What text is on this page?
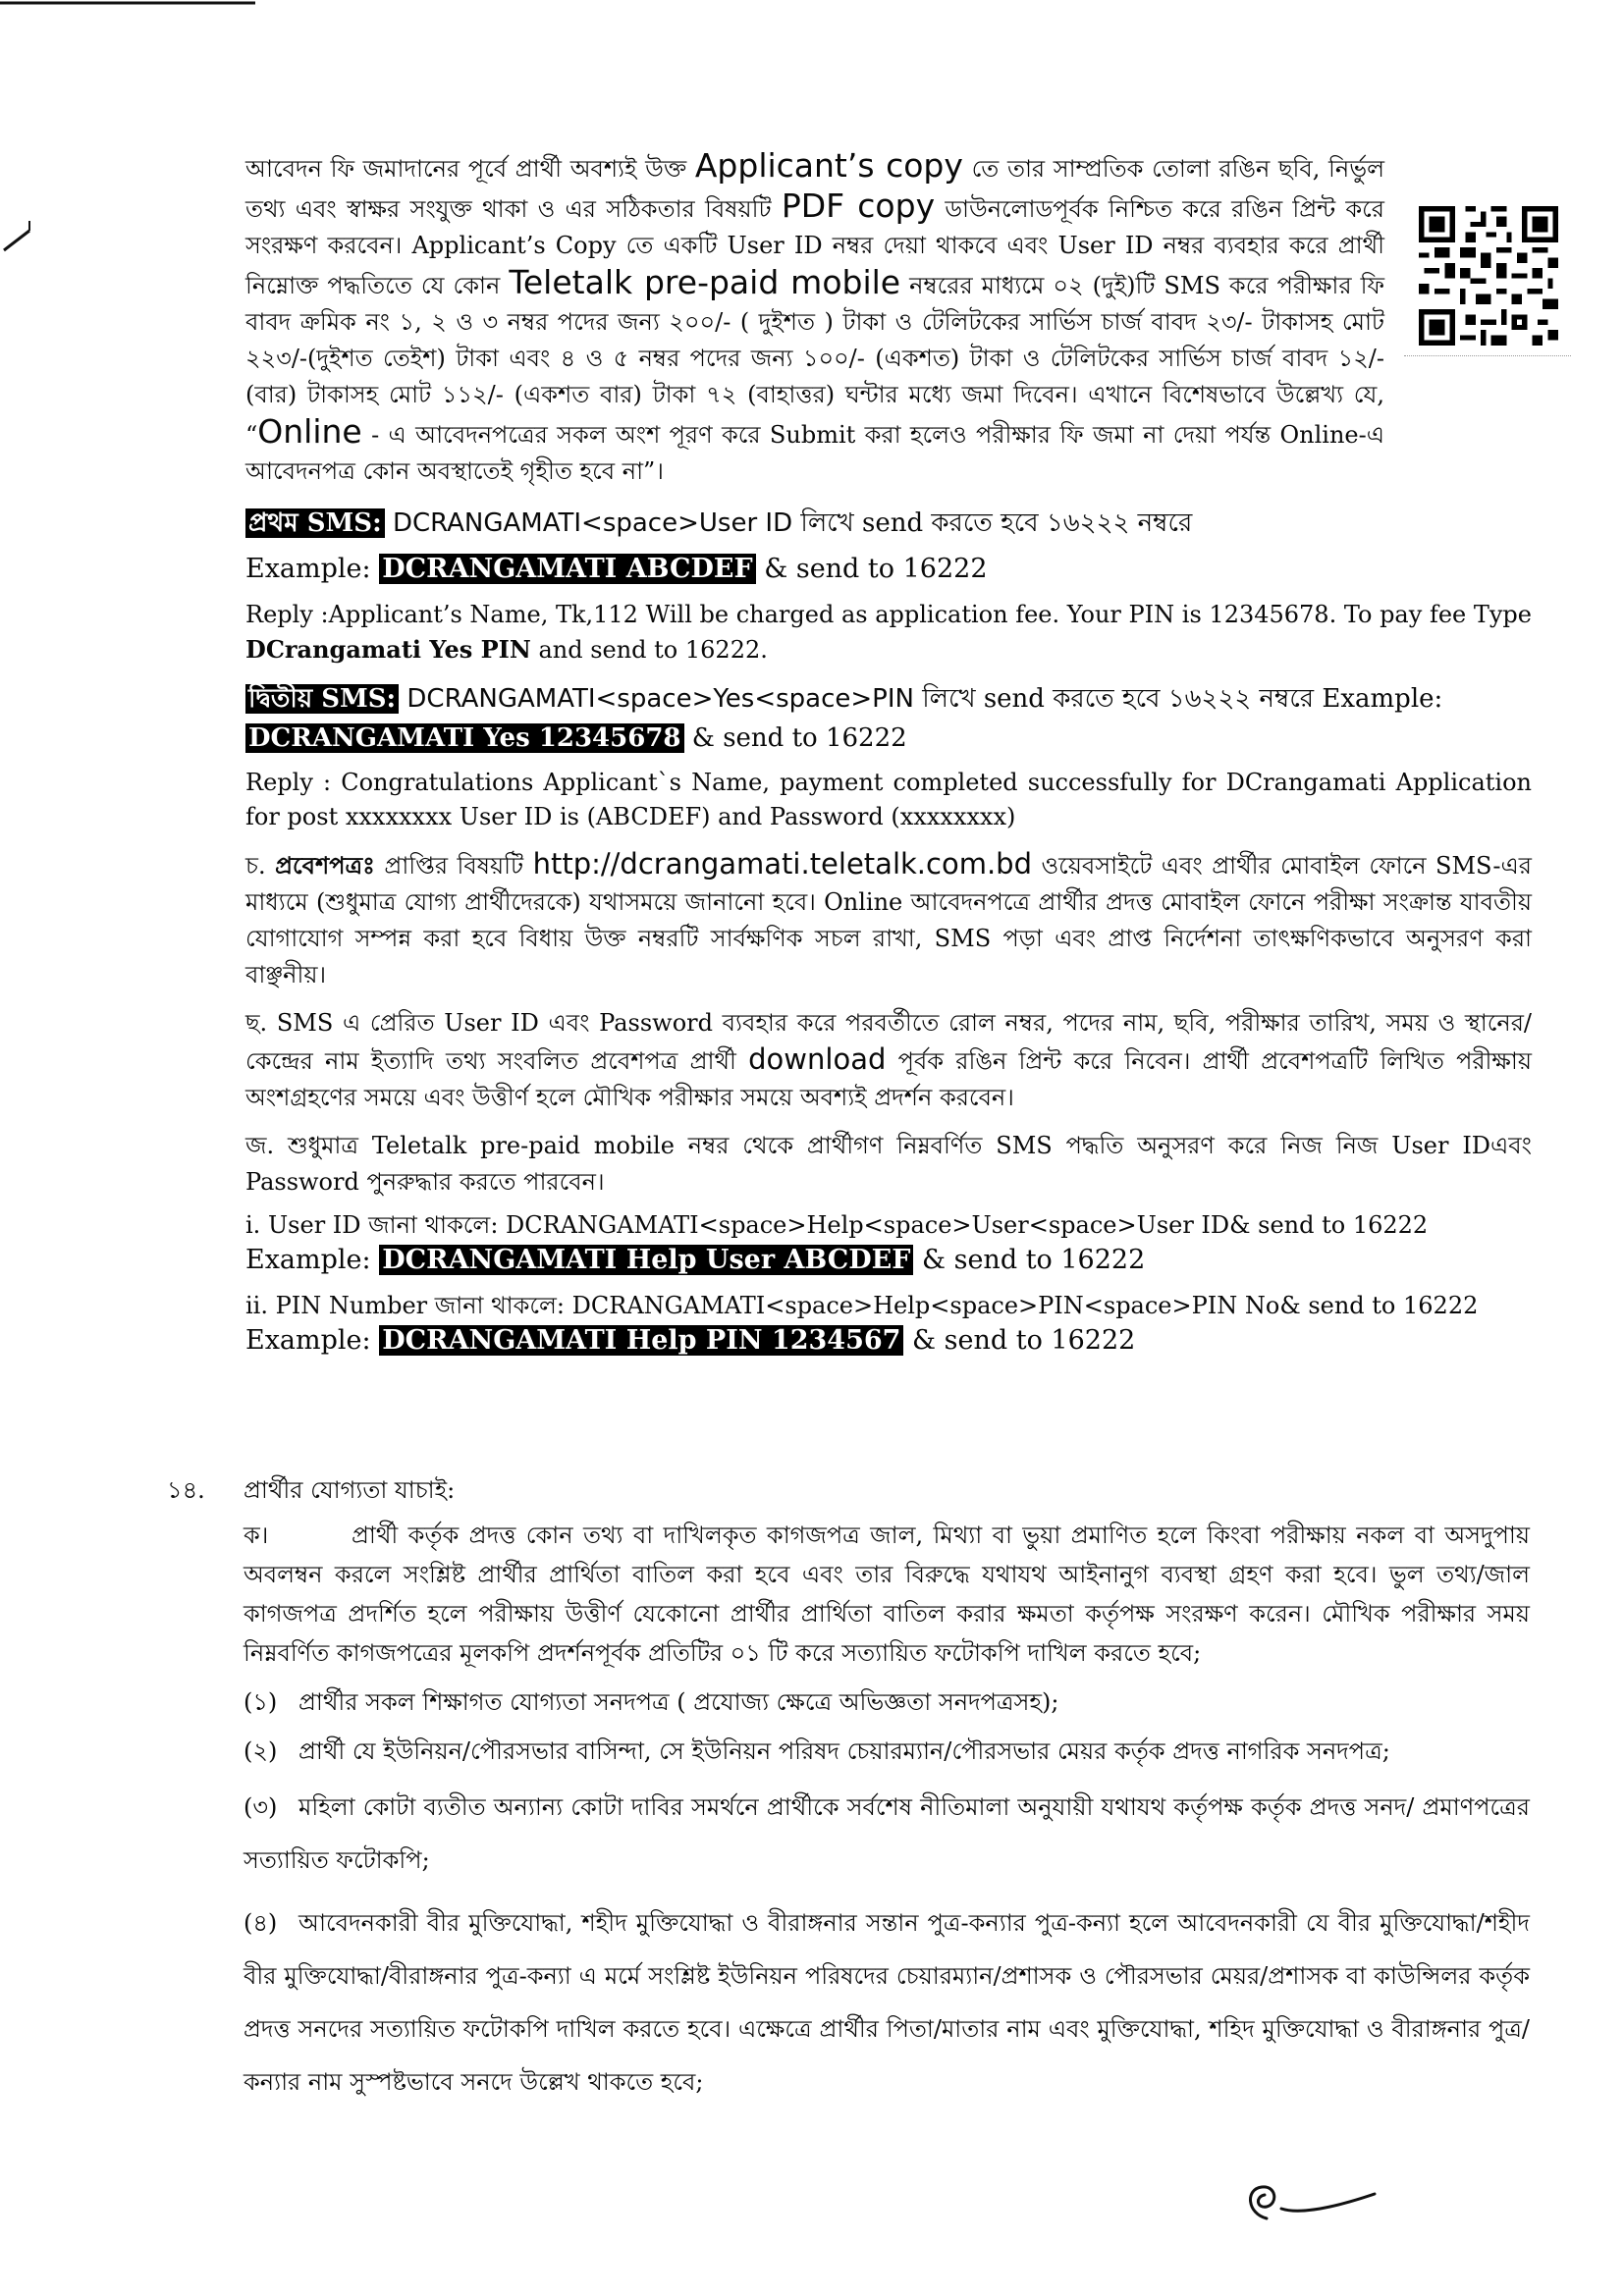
আবেদন ফি জমাদানের পূর্বে প্রার্থী অবশ্যই উক্ত Applicant’s copy তে তার সাম্প্রতিক তোলা রঙিন ছবি, নির্ভুল তথ্য এবং স্বাক্ষর সংযুক্ত থাকা ও এর সঠিকতার বিষয়টি PDF copy ডাউনলোডপূর্বক নিশ্চিত করে রঙিন প্রিন্ট করে সংরক্ষণ করবেন। Applicant’s Copy তে একটি User ID নম্বর দেয়া থাকবে এবং User ID নম্বর ব্যবহার করে প্রার্থী নিম্নোক্ত পদ্ধতিতে যে কোন Teletalk pre-paid mobile নম্বরের মাধ্যমে ০২ (দুই)টি SMS করে পরীক্ষার ফি বাবদ ক্রমিক নং ১, ২ ও ৩ নম্বর পদের জন্য ২০০/- ( দুইশত ) টাকা ও টেলিটকের সার্ভিস চার্জ বাবদ ২৩/- টাকাসহ মোট ২২৩/-(দুইশত তেইশ) টাকা এবং ৪ ও ৫ নম্বর পদের জন্য ১০০/- (একশত) টাকা ও টেলিটকের সার্ভিস চার্জ বাবদ ১২/- (বার) টাকাসহ মোট ১১২/- (একশত বার) টাকা ৭২ (বাহাত্তর) ঘন্টার মধ্যে জমা দিবেন। এখানে বিশেষভাবে উল্লেখ্য যে, “Online - এ আবেদনপত্রের সকল অংশ পূরণ করে Submit করা হলেও পরীক্ষার ফি জমা না দেয়া পর্যন্ত Online-এ আবেদনপত্র কোন অবস্থাতেই গৃহীত হবে না”।

প্রথম SMS: DCRANGAMATI<space>User ID লিখে send করতে হবে ১৬২২২ নম্বরে

Example: DCRANGAMATI ABCDEF & send to 16222

Reply :Applicant’s Name, Tk,112 Will be charged as application fee. Your PIN is 12345678. To pay fee Type DCrangamati Yes PIN and send to 16222.

দ্বিতীয় SMS: DCRANGAMATI<space>Yes<space>PIN লিখে send করতে হবে ১৬২২২ নম্বরে Example: DCRANGAMATI Yes 12345678 & send to 16222

Reply : Congratulations Applicant`s Name, payment completed successfully for DCrangamati Application for post xxxxxxxx User ID is (ABCDEF) and Password (xxxxxxxx)

চ. প্রবেশপত্রঃ প্রাপ্তির বিষয়টি http://dcrangamati.teletalk.com.bd ওয়েবসাইটে এবং প্রার্থীর মোবাইল ফোনে SMS-এর মাধ্যমে (শুধুমাত্র যোগ্য প্রার্থীদেরকে) যথাসময়ে জানানো হবে। Online আবেদনপত্রে প্রার্থীর প্রদত্ত মোবাইল ফোনে পরীক্ষা সংক্রান্ত যাবতীয় যোগাযোগ সম্পন্ন করা হবে বিধায় উক্ত নম্বরটি সার্বক্ষণিক সচল রাখা, SMS পড়া এবং প্রাপ্ত নির্দেশনা তাৎক্ষণিকভাবে অনুসরণ করা বাঞ্ছনীয়।

ছ. SMS এ প্রেরিত User ID এবং Password ব্যবহার করে পরবর্তীতে রোল নম্বর, পদের নাম, ছবি, পরীক্ষার তারিখ, সময় ও স্থানের/কেন্দ্রের নাম ইত্যাদি তথ্য সংবলিত প্রবেশপত্র প্রার্থী download পূর্বক রঙিন প্রিন্ট করে নিবেন। প্রার্থী প্রবেশপত্রটি লিখিত পরীক্ষায় অংশগ্রহণের সময়ে এবং উত্তীর্ণ হলে মৌখিক পরীক্ষার সময়ে অবশ্যই প্রদর্শন করবেন।

জ. শুধুমাত্র Teletalk pre-paid mobile নম্বর থেকে প্রার্থীগণ নিম্নবর্ণিত SMS পদ্ধতি অনুসরণ করে নিজ নিজ User IDএবং Password পুনরুদ্ধার করতে পারবেন।

i. User ID জানা থাকলে: DCRANGAMATI<space>Help<space>User<space>User ID& send to 16222

Example: DCRANGAMATI Help User ABCDEF & send to 16222

ii. PIN Number জানা থাকলে: DCRANGAMATI<space>Help<space>PIN<space>PIN No& send to 16222

Example: DCRANGAMATI Help PIN 1234567 & send to 16222

১৪. প্রার্থীর যোগ্যতা যাচাই:

ক।	প্রার্থী কর্তৃক প্রদত্ত কোন তথ্য বা দাখিলকৃত কাগজপত্র জাল, মিথ্যা বা ভুয়া প্রমাণিত হলে কিংবা পরীক্ষায় নকল বা অসদুপায় অবলম্বন করলে সংশ্লিষ্ট প্রার্থীর প্রার্থিতা বাতিল করা হবে এবং তার বিরুদ্ধে যথাযথ আইনানুগ ব্যবস্থা গ্রহণ করা হবে। ভুল তথ্য/জাল কাগজপত্র প্রদর্শিত হলে পরীক্ষায় উত্তীর্ণ যেকোনো প্রার্থীর প্রার্থিতা বাতিল করার ক্ষমতা কর্তৃপক্ষ সংরক্ষণ করেন। মৌখিক পরীক্ষার সময় নিম্নবর্ণিত কাগজপত্রের মূলকপি প্রদর্শনপূর্বক প্রতিটির ০১ টি করে সত্যায়িত ফটোকপি দাখিল করতে হবে;

(১) প্রার্থীর সকল শিক্ষাগত যোগ্যতা সনদপত্র ( প্রযোজ্য ক্ষেত্রে অভিজ্ঞতা সনদপত্রসহ);

(২) প্রার্থী যে ইউনিয়ন/পৌরসভার বাসিন্দা, সে ইউনিয়ন পরিষদ চেয়ারম্যান/পৌরসভার মেয়র কর্তৃক প্রদত্ত নাগরিক সনদপত্র;

(৩) মহিলা কোটা ব্যতীত অন্যান্য কোটা দাবির সমর্থনে প্রার্থীকে সর্বশেষ নীতিমালা অনুযায়ী যথাযথ কর্তৃপক্ষ কর্তৃক প্রদত্ত সনদ/ প্রমাণপত্রের সত্যায়িত ফটোকপি;

(৪) আবেদনকারী বীর মুক্তিযোদ্ধা, শহীদ মুক্তিযোদ্ধা ও বীরাঙ্গনার সন্তান পুত্র-কন্যার পুত্র-কন্যা হলে আবেদনকারী যে বীর মুক্তিযোদ্ধা/শহীদ বীর মুক্তিযোদ্ধা/বীরাঙ্গনার পুত্র-কন্যা এ মর্মে সংশ্লিষ্ট ইউনিয়ন পরিষদের চেয়ারম্যান/প্রশাসক ও পৌরসভার মেয়র/প্রশাসক বা কাউন্সিলর কর্তৃক প্রদত্ত সনদের সত্যায়িত ফটোকপি দাখিল করতে হবে। এক্ষেত্রে প্রার্থীর পিতা/মাতার নাম এবং মুক্তিযোদ্ধা, শহিদ মুক্তিযোদ্ধা ও বীরাঙ্গনার পুত্র/কন্যার নাম সুস্পষ্টভাবে সনদে উল্লেখ থাকতে হবে;
